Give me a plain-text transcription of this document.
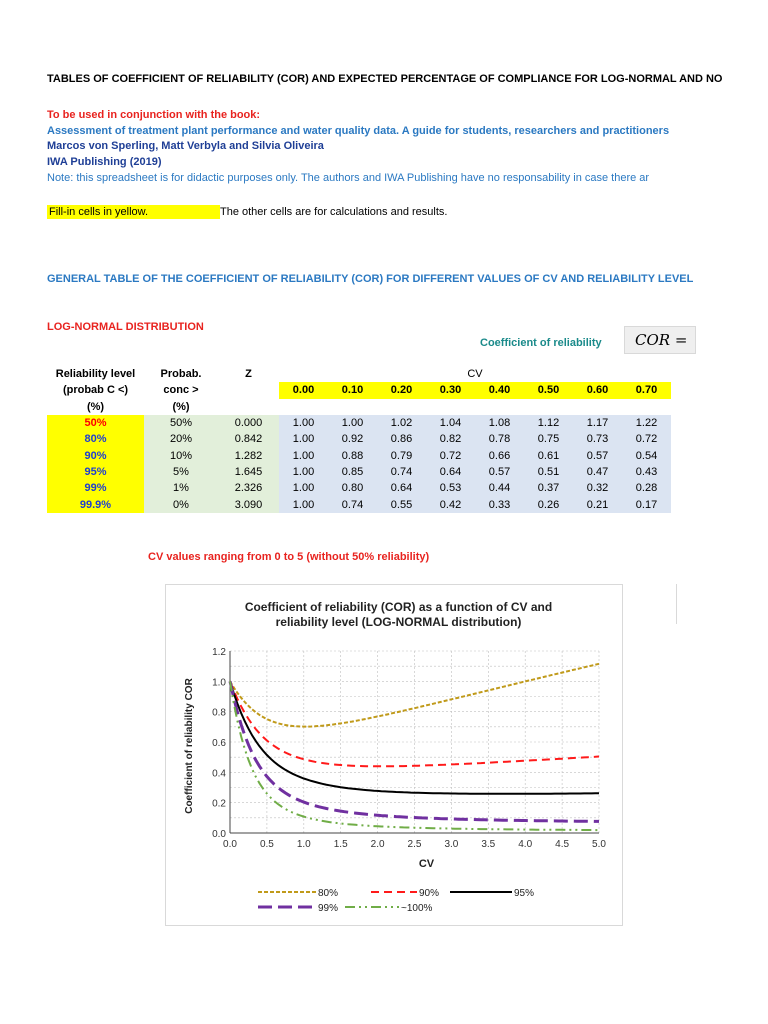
TABLES OF COEFFICIENT OF RELIABILITY (COR) AND EXPECTED PERCENTAGE OF COMPLIANCE FOR LOG-NORMAL AND NO
To be used in conjunction with the book:
Assessment of treatment plant performance and water quality data. A guide for students, researchers and practitioners
Marcos von Sperling, Matt Verbyla and Silvia Oliveira
IWA Publishing (2019)
Note: this spreadsheet is for didactic purposes only. The authors and IWA Publishing have no responsability in case there ar
Fill-in cells in yellow.	The other cells are for calculations and results.
GENERAL TABLE OF THE COEFFICIENT OF RELIABILITY (COR) FOR DIFFERENT VALUES OF CV AND RELIABILITY LEVEL
LOG-NORMAL DISTRIBUTION
Coefficient of reliability	COR =
Reliability level	Probab.	Z	CV							
(probab C <)	conc >		0.00	0.10	0.20	0.30	0.40	0.50	0.60	0.70
(%)	(%)									
50%	50%	0.000	1.00	1.00	1.02	1.04	1.08	1.12	1.17	1.22
80%	20%	0.842	1.00	0.92	0.86	0.82	0.78	0.75	0.73	0.72
90%	10%	1.282	1.00	0.88	0.79	0.72	0.66	0.61	0.57	0.54
95%	5%	1.645	1.00	0.85	0.74	0.64	0.57	0.51	0.47	0.43
99%	1%	2.326	1.00	0.80	0.64	0.53	0.44	0.37	0.32	0.28
99.9%	0%	3.090	1.00	0.74	0.55	0.42	0.33	0.26	0.21	0.17
CV values ranging from 0 to 5 (without 50% reliability)
Coefficient of reliability (COR) as a function of CV and
reliability level (LOG-NORMAL distribution)
0.0
0.2
0.4
0.6
0.8
1.0
1.2
0.0 0.5 1.0 1.5 2.0 2.5 3.0 3.5 4.0 4.5 5.0
CV
Coefficient of reliability COR
80%	90%	95%
99%	~100%
